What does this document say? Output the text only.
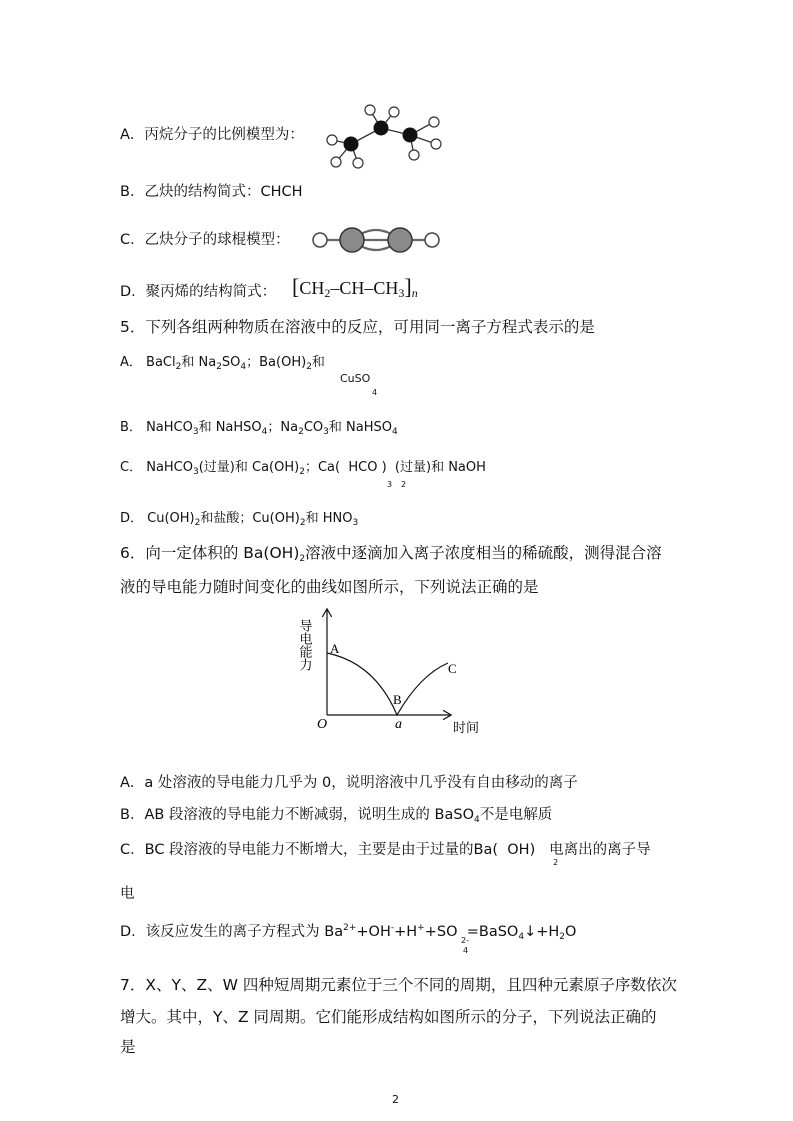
A．丙烷分子的比例模型为：
B．乙炔的结构简式：CHCH
C．乙炔分子的球棍模型：
D．聚丙烯的结构简式： $[CH_2-CH-CH_3]_n$
5．下列各组两种物质在溶液中的反应，可用同一离子方程式表示的是
A． BaCl$_2$和 $Na_2SO_4$；$Ba(OH)_2$和
CuSO
4
B． NaHCO$_3$和 NaHSO$_4$；$Na_2CO_3$和 NaHSO$_4$
C． NaHCO$_3$(过量)和 $Ca(OH)_2$；Ca( HCO ) (过量)和 NaOH
3 2
D． $Cu(OH)_2$和盐酸；$Cu(OH)_2$和 $HNO_3$
6．向一定体积的 $Ba(OH)_2$溶液中逐滴加入离子浓度相当的稀硫酸，测得混合溶
液的导电能力随时间变化的曲线如图所示，下列说法正确的是
导电能力 A
B
C
O	a	时间
A．a 处溶液的导电能力几乎为 0，说明溶液中几乎没有自由移动的离子
B．AB 段溶液的导电能力不断减弱，说明生成的 BaSO$_4$不是电解质
C．BC 段溶液的导电能力不断增大，主要是由于过量的Ba( OH) 电离出的离子导
2
电
D．该反应发生的离子方程式为 $Ba^{2+}+OH^-+H^++SO$ $=BaSO_4↓+H_2O$
2-
4
7．X、Y、Z、W 四种短周期元素位于三个不同的周期，且四种元素原子序数依次
增大。其中，Y、Z 同周期。它们能形成结构如图所示的分子，下列说法正确的
是
2
